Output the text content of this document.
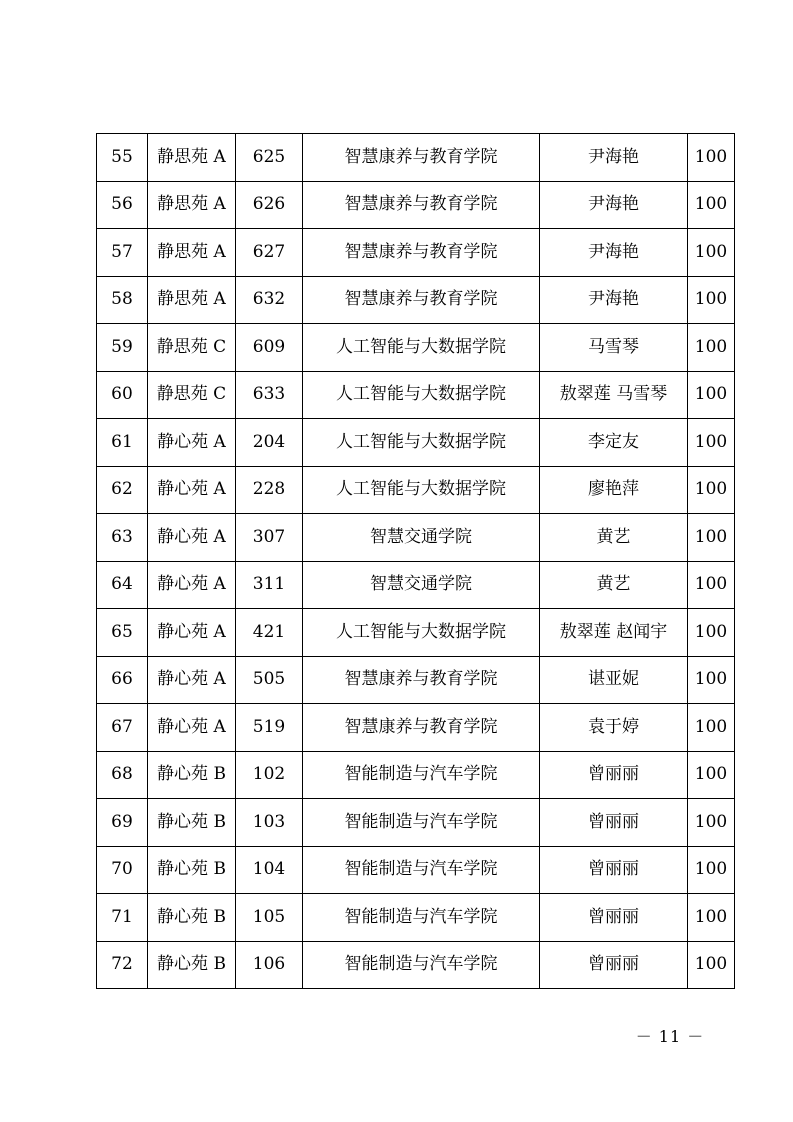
55	静思苑 A	625	智慧康养与教育学院	尹海艳	100
56	静思苑 A	626	智慧康养与教育学院	尹海艳	100
57	静思苑 A	627	智慧康养与教育学院	尹海艳	100
58	静思苑 A	632	智慧康养与教育学院	尹海艳	100
59	静思苑 C	609	人工智能与大数据学院	马雪琴	100
60	静思苑 C	633	人工智能与大数据学院	敖翠莲 马雪琴	100
61	静心苑 A	204	人工智能与大数据学院	李定友	100
62	静心苑 A	228	人工智能与大数据学院	廖艳萍	100
63	静心苑 A	307	智慧交通学院	黄艺	100
64	静心苑 A	311	智慧交通学院	黄艺	100
65	静心苑 A	421	人工智能与大数据学院	敖翠莲 赵闻宇	100
66	静心苑 A	505	智慧康养与教育学院	谌亚妮	100
67	静心苑 A	519	智慧康养与教育学院	袁于婷	100
68	静心苑 B	102	智能制造与汽车学院	曾丽丽	100
69	静心苑 B	103	智能制造与汽车学院	曾丽丽	100
70	静心苑 B	104	智能制造与汽车学院	曾丽丽	100
71	静心苑 B	105	智能制造与汽车学院	曾丽丽	100
72	静心苑 B	106	智能制造与汽车学院	曾丽丽	100
－ 11 －
